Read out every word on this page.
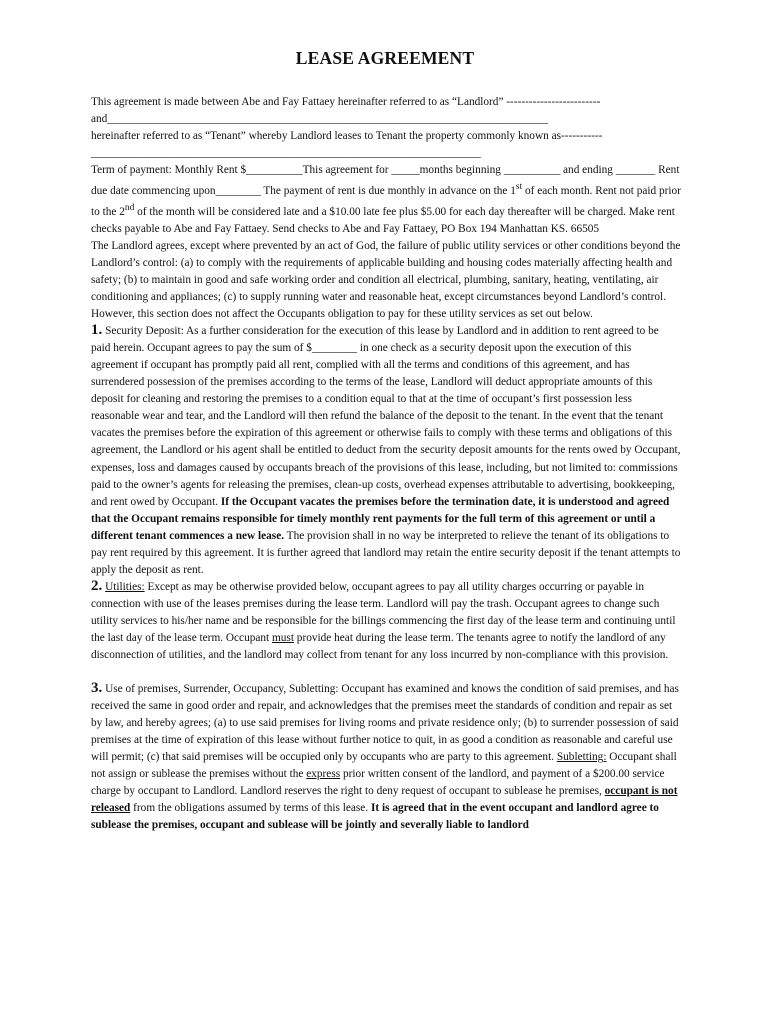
LEASE AGREEMENT

This agreement is made between Abe and Fay Fattaey hereinafter referred to as “Landlord” ------------------------- and______________________________________________________________________________

hereinafter referred to as “Tenant” whereby Landlord leases to Tenant the property commonly known as----------- _____________________________________________________________________

Term of payment: Monthly Rent $__________This agreement for _____months beginning __________ and ending _______ Rent due date commencing upon________ The payment of rent is due monthly in advance on the 1st of each month. Rent not paid prior to the 2nd of the month will be considered late and a $10.00 late fee plus $5.00 for each day thereafter will be charged. Make rent checks payable to Abe and Fay Fattaey. Send checks to Abe and Fay Fattaey, PO Box 194 Manhattan KS. 66505

The Landlord agrees, except where prevented by an act of God, the failure of public utility services or other conditions beyond the Landlord’s control: (a) to comply with the requirements of applicable building and housing codes materially affecting health and safety; (b) to maintain in good and safe working order and condition all electrical, plumbing, sanitary, heating, ventilating, air conditioning and appliances; (c) to supply running water and reasonable heat, except circumstances beyond Landlord’s control. However, this section does not affect the Occupants obligation to pay for these utility services as set out below.

1. Security Deposit: As a further consideration for the execution of this lease by Landlord and in addition to rent agreed to be paid herein. Occupant agrees to pay the sum of $________ in one check as a security deposit upon the execution of this agreement if occupant has promptly paid all rent, complied with all the terms and conditions of this agreement, and has surrendered possession of the premises according to the terms of the lease, Landlord will deduct appropriate amounts of this deposit for cleaning and restoring the premises to a condition equal to that at the time of occupant’s first possession less reasonable wear and tear, and the Landlord will then refund the balance of the deposit to the tenant. In the event that the tenant vacates the premises before the expiration of this agreement or otherwise fails to comply with these terms and obligations of this agreement, the Landlord or his agent shall be entitled to deduct from the security deposit amounts for the rents owed by Occupant, expenses, loss and damages caused by occupants breach of the provisions of this lease, including, but not limited to: commissions paid to the owner’s agents for releasing the premises, clean-up costs, overhead expenses attributable to advertising, bookkeeping, and rent owed by Occupant. If the Occupant vacates the premises before the termination date, it is understood and agreed that the Occupant remains responsible for timely monthly rent payments for the full term of this agreement or until a different tenant commences a new lease. The provision shall in no way be interpreted to relieve the tenant of its obligations to pay rent required by this agreement. It is further agreed that landlord may retain the entire security deposit if the tenant attempts to apply the deposit as rent.

2. Utilities: Except as may be otherwise provided below, occupant agrees to pay all utility charges occurring or payable in connection with use of the leases premises during the lease term. Landlord will pay the trash. Occupant agrees to change such utility services to his/her name and be responsible for the billings commencing the first day of the lease term and continuing until the last day of the lease term. Occupant must provide heat during the lease term. The tenants agree to notify the landlord of any disconnection of utilities, and the landlord may collect from tenant for any loss incurred by non-compliance with this provision.

3. Use of premises, Surrender, Occupancy, Subletting: Occupant has examined and knows the condition of said premises, and has received the same in good order and repair, and acknowledges that the premises meet the standards of condition and repair as set by law, and hereby agrees; (a) to use said premises for living rooms and private residence only; (b) to surrender possession of said premises at the time of expiration of this lease without further notice to quit, in as good a condition as reasonable and careful use will permit; (c) that said premises will be occupied only by occupants who are party to this agreement. Subletting: Occupant shall not assign or sublease the premises without the express prior written consent of the landlord, and payment of a $200.00 service charge by occupant to Landlord. Landlord reserves the right to deny request of occupant to sublease he premises, occupant is not released from the obligations assumed by terms of this lease. It is agreed that in the event occupant and landlord agree to sublease the premises, occupant and sublease will be jointly and severally liable to landlord
